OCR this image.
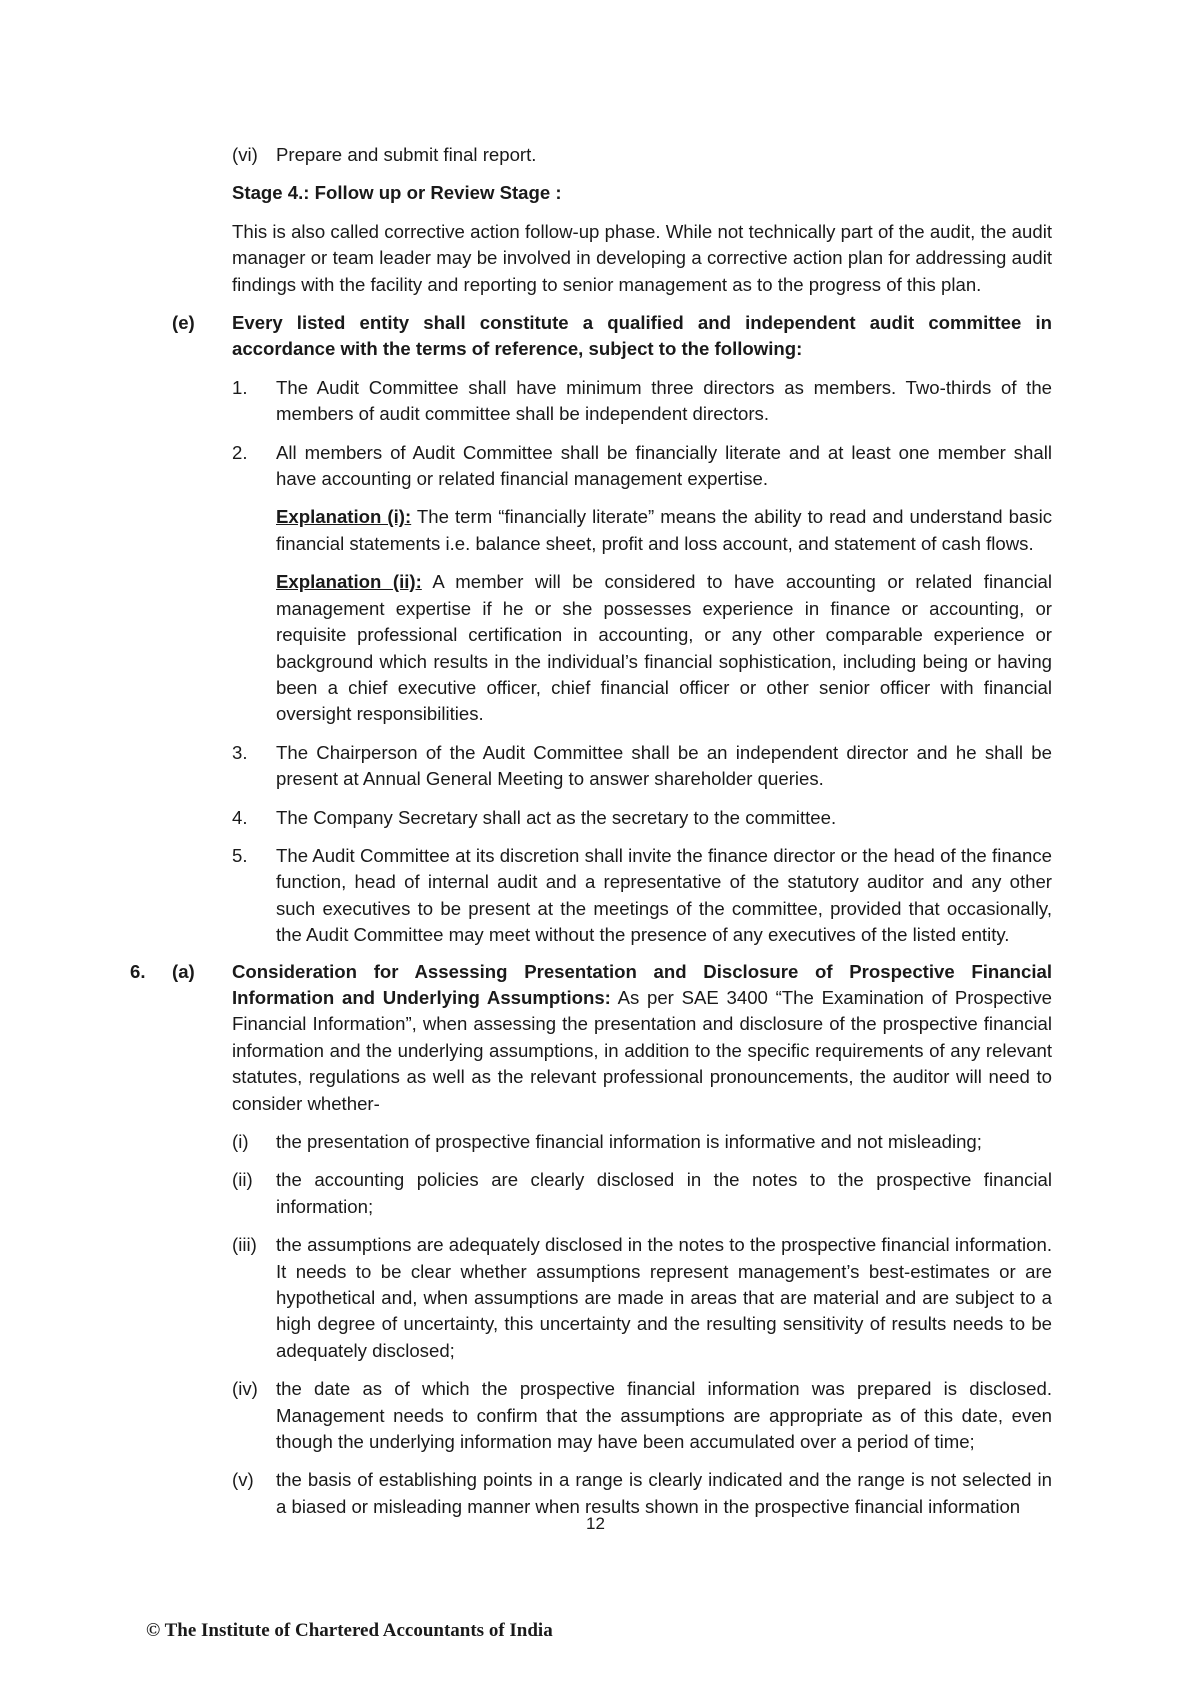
(vi) Prepare and submit final report.

Stage 4.: Follow up or Review Stage :

This is also called corrective action follow-up phase. While not technically part of the audit, the audit manager or team leader may be involved in developing a corrective action plan for addressing audit findings with the facility and reporting to senior management as to the progress of this plan.

(e)	Every listed entity shall constitute a qualified and independent audit committee in accordance with the terms of reference, subject to the following:
1.	The Audit Committee shall have minimum three directors as members. Two-thirds of the members of audit committee shall be independent directors.
2.	All members of Audit Committee shall be financially literate and at least one member shall have accounting or related financial management expertise.

Explanation (i): The term “financially literate” means the ability to read and understand basic financial statements i.e. balance sheet, profit and loss account, and statement of cash flows.

Explanation (ii): A member will be considered to have accounting or related financial management expertise if he or she possesses experience in finance or accounting, or requisite professional certification in accounting, or any other comparable experience or background which results in the individual’s financial sophistication, including being or having been a chief executive officer, chief financial officer or other senior officer with financial oversight responsibilities.

3.	The Chairperson of the Audit Committee shall be an independent director and he shall be present at Annual General Meeting to answer shareholder queries.
4.	The Company Secretary shall act as the secretary to the committee.
5.	The Audit Committee at its discretion shall invite the finance director or the head of the finance function, head of internal audit and a representative of the statutory auditor and any other such executives to be present at the meetings of the committee, provided that occasionally, the Audit Committee may meet without the presence of any executives of the listed entity.
6.	(a)	Consideration for Assessing Presentation and Disclosure of Prospective Financial Information and Underlying Assumptions: As per SAE 3400 “The Examination of Prospective Financial Information”, when assessing the presentation and disclosure of the prospective financial information and the underlying assumptions, in addition to the specific requirements of any relevant statutes, regulations as well as the relevant professional pronouncements, the auditor will need to consider whether-

(i)	the presentation of prospective financial information is informative and not misleading;
(ii)	the accounting policies are clearly disclosed in the notes to the prospective financial information;
(iii)	the assumptions are adequately disclosed in the notes to the prospective financial information. It needs to be clear whether assumptions represent management’s best-estimates or are hypothetical and, when assumptions are made in areas that are material and are subject to a high degree of uncertainty, this uncertainty and the resulting sensitivity of results needs to be adequately disclosed;
(iv) the date as of which the prospective financial information was prepared is disclosed. Management needs to confirm that the assumptions are appropriate as of this date, even though the underlying information may have been accumulated over a period of time;
(v)	the basis of establishing points in a range is clearly indicated and the range is not selected in a biased or misleading manner when results shown in the prospective financial information
12
© The Institute of Chartered Accountants of India
